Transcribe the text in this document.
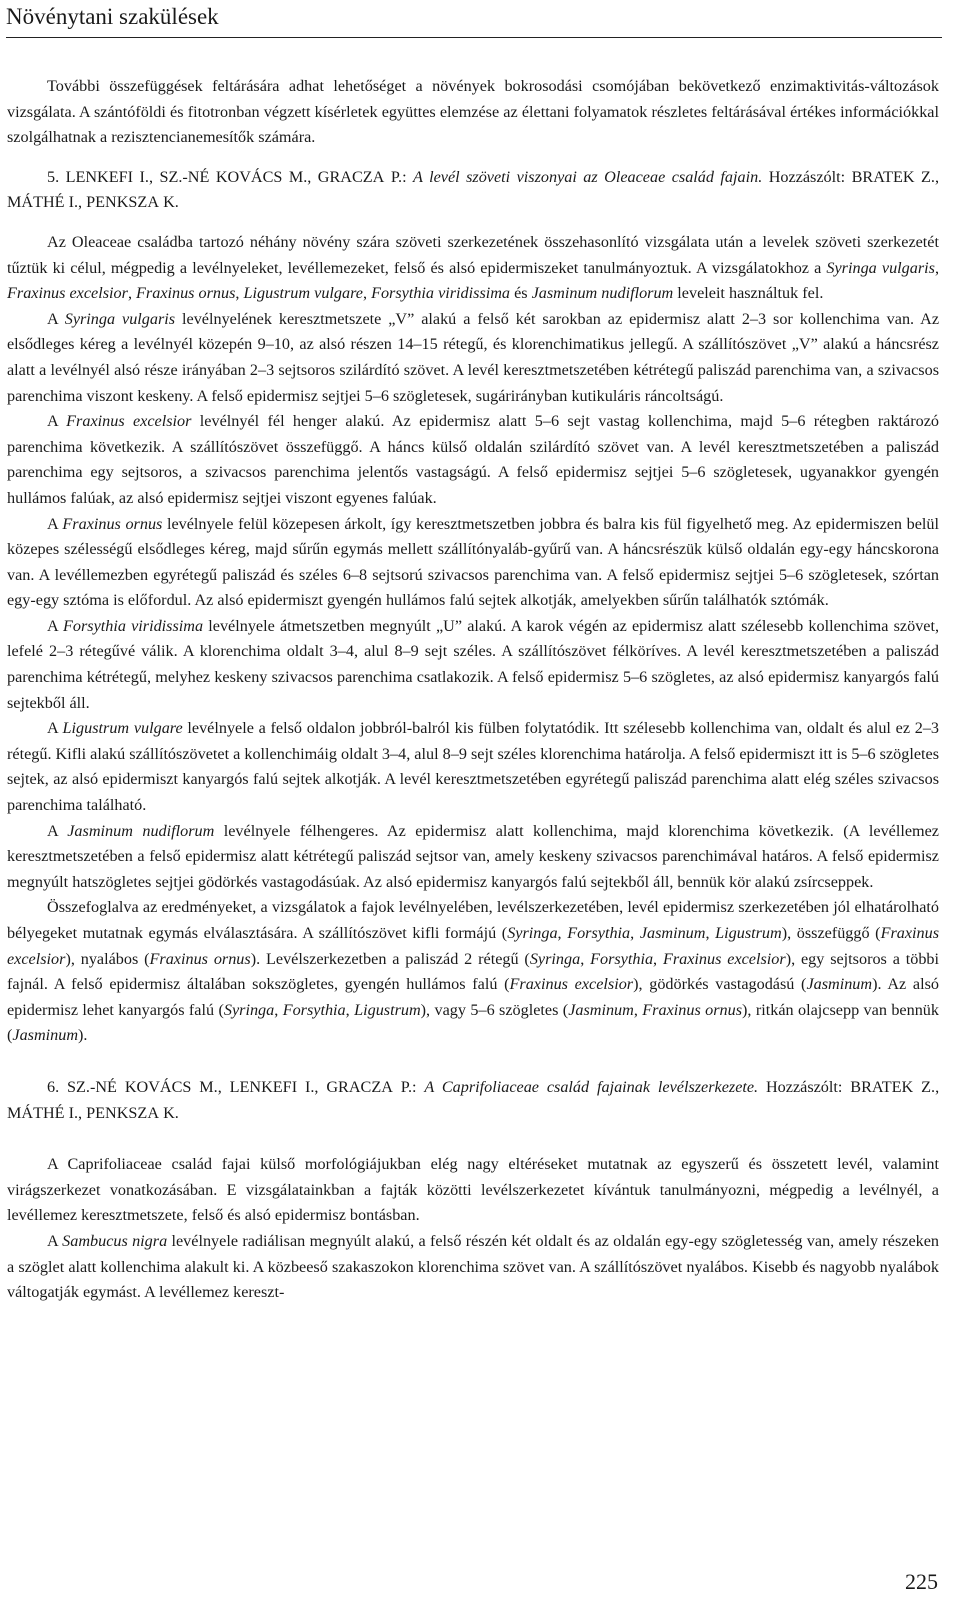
Növénytani szakülések

További összefüggések feltárására adhat lehetőséget a növények bokrosodási csomójában bekövetkező enzimaktivitás-változások vizsgálata. A szántóföldi és fitotronban végzett kísérletek együttes elemzése az élettani folyamatok részletes feltárásával értékes információkkal szolgálhatnak a rezisztencianemesítők számára.

5. LENKEFI I., SZ.-NÉ KOVÁCS M., GRACZA P.: A levél szöveti viszonyai az Oleaceae család fajain. Hozzászólt: BRATEK Z., MÁTHÉ I., PENKSZA K.

Az Oleaceae családba tartozó néhány növény szára szöveti szerkezetének összehasonlító vizsgálata után a levelek szöveti szerkezetét tűztük ki célul, mégpedig a levélnyeleket, levéllemezeket, felső és alsó epidermiszeket tanulmányoztuk. A vizsgálatokhoz a Syringa vulgaris, Fraxinus excelsior, Fraxinus ornus, Ligustrum vulgare, Forsythia viridissima és Jasminum nudiflorum leveleit használtuk fel.

A Syringa vulgaris levélnyelének keresztmetszete „V” alakú a felső két sarokban az epidermisz alatt 2–3 sor kollenchima van. Az elsődleges kéreg a levélnyél közepén 9–10, az alsó részen 14–15 rétegű, és klorenchimatikus jellegű. A szállítószövet „V” alakú a háncsrész alatt a levélnyél alsó része irányában 2–3 sejtsoros szilárdító szövet. A levél keresztmetszetében kétrétegű paliszád parenchima van, a szivacsos parenchima viszont keskeny. A felső epidermisz sejtjei 5–6 szögletesek, sugárirányban kutikuláris ráncoltságú.

A Fraxinus excelsior levélnyél fél henger alakú. Az epidermisz alatt 5–6 sejt vastag kollenchima, majd 5–6 rétegben raktározó parenchima következik. A szállítószövet összefüggő. A háncs külső oldalán szilárdító szövet van. A levél keresztmetszetében a paliszád parenchima egy sejtsoros, a szivacsos parenchima jelentős vastagságú. A felső epidermisz sejtjei 5–6 szögletesek, ugyanakkor gyengén hullámos falúak, az alsó epidermisz sejtjei viszont egyenes falúak.

A Fraxinus ornus levélnyele felül közepesen árkolt, így keresztmetszetben jobbra és balra kis fül figyelhető meg. Az epidermiszen belül közepes szélességű elsődleges kéreg, majd sűrűn egymás mellett szállítónyaláb-gyűrű van. A háncsrészük külső oldalán egy-egy háncskorona van. A levéllemezben egyrétegű paliszád és széles 6–8 sejtsorú szivacsos parenchima van. A felső epidermisz sejtjei 5–6 szögletesek, szórtan egy-egy sztóma is előfordul. Az alsó epidermiszt gyengén hullámos falú sejtek alkotják, amelyekben sűrűn találhatók sztómák.

A Forsythia viridissima levélnyele átmetszetben megnyúlt „U” alakú. A karok végén az epidermisz alatt szélesebb kollenchima szövet, lefelé 2–3 rétegűvé válik. A klorenchima oldalt 3–4, alul 8–9 sejt széles. A szállítószövet félköríves. A levél keresztmetszetében a paliszád parenchima kétrétegű, melyhez keskeny szivacsos parenchima csatlakozik. A felső epidermisz 5–6 szögletes, az alsó epidermisz kanyargós falú sejtekből áll.

A Ligustrum vulgare levélnyele a felső oldalon jobbról-balról kis fülben folytatódik. Itt szélesebb kollenchima van, oldalt és alul ez 2–3 rétegű. Kifli alakú szállítószövetet a kollenchimáig oldalt 3–4, alul 8–9 sejt széles klorenchima határolja. A felső epidermiszt itt is 5–6 szögletes sejtek, az alsó epidermiszt kanyargós falú sejtek alkotják. A levél keresztmetszetében egyrétegű paliszád parenchima alatt elég széles szivacsos parenchima található.

A Jasminum nudiflorum levélnyele félhengeres. Az epidermisz alatt kollenchima, majd klorenchima következik. (A levéllemez keresztmetszetében a felső epidermisz alatt kétrétegű paliszád sejtsor van, amely keskeny szivacsos parenchimával határos. A felső epidermisz megnyúlt hatszögletes sejtjei gödörkés vastagodásúak. Az alsó epidermisz kanyargós falú sejtekből áll, bennük kör alakú zsírcseppek.

Összefoglalva az eredményeket, a vizsgálatok a fajok levélnyelében, levélszerkezetében, levél epidermisz szerkezetében jól elhatárolható bélyegeket mutatnak egymás elválasztására. A szállítószövet kifli formájú (Syringa, Forsythia, Jasminum, Ligustrum), összefüggő (Fraxinus excelsior), nyalábos (Fraxinus ornus). Levélszerkezetben a paliszád 2 rétegű (Syringa, Forsythia, Fraxinus excelsior), egy sejtsoros a többi fajnál. A felső epidermisz általában sokszögletes, gyengén hullámos falú (Fraxinus excelsior), gödörkés vastagodású (Jasminum). Az alsó epidermisz lehet kanyargós falú (Syringa, Forsythia, Ligustrum), vagy 5–6 szögletes (Jasminum, Fraxinus ornus), ritkán olajcsepp van bennük (Jasminum).

6. SZ.-NÉ KOVÁCS M., LENKEFI I., GRACZA P.: A Caprifoliaceae család fajainak levélszerkezete. Hozzászólt: BRATEK Z., MÁTHÉ I., PENKSZA K.

A Caprifoliaceae család fajai külső morfológiájukban elég nagy eltéréseket mutatnak az egyszerű és összetett levél, valamint virágszerkezet vonatkozásában. E vizsgálatainkban a fajták közötti levélszerkezetet kívántuk tanulmányozni, mégpedig a levélnyél, a levéllemez keresztmetszete, felső és alsó epidermisz bontásban.

A Sambucus nigra levélnyele radiálisan megnyúlt alakú, a felső részén két oldalt és az oldalán egy-egy szögletesség van, amely részeken a szöglet alatt kollenchima alakult ki. A közbeeső szakaszokon klorenchima szövet van. A szállítószövet nyalábos. Kisebb és nagyobb nyalábok váltogatják egymást. A levéllemez kereszt-

225
